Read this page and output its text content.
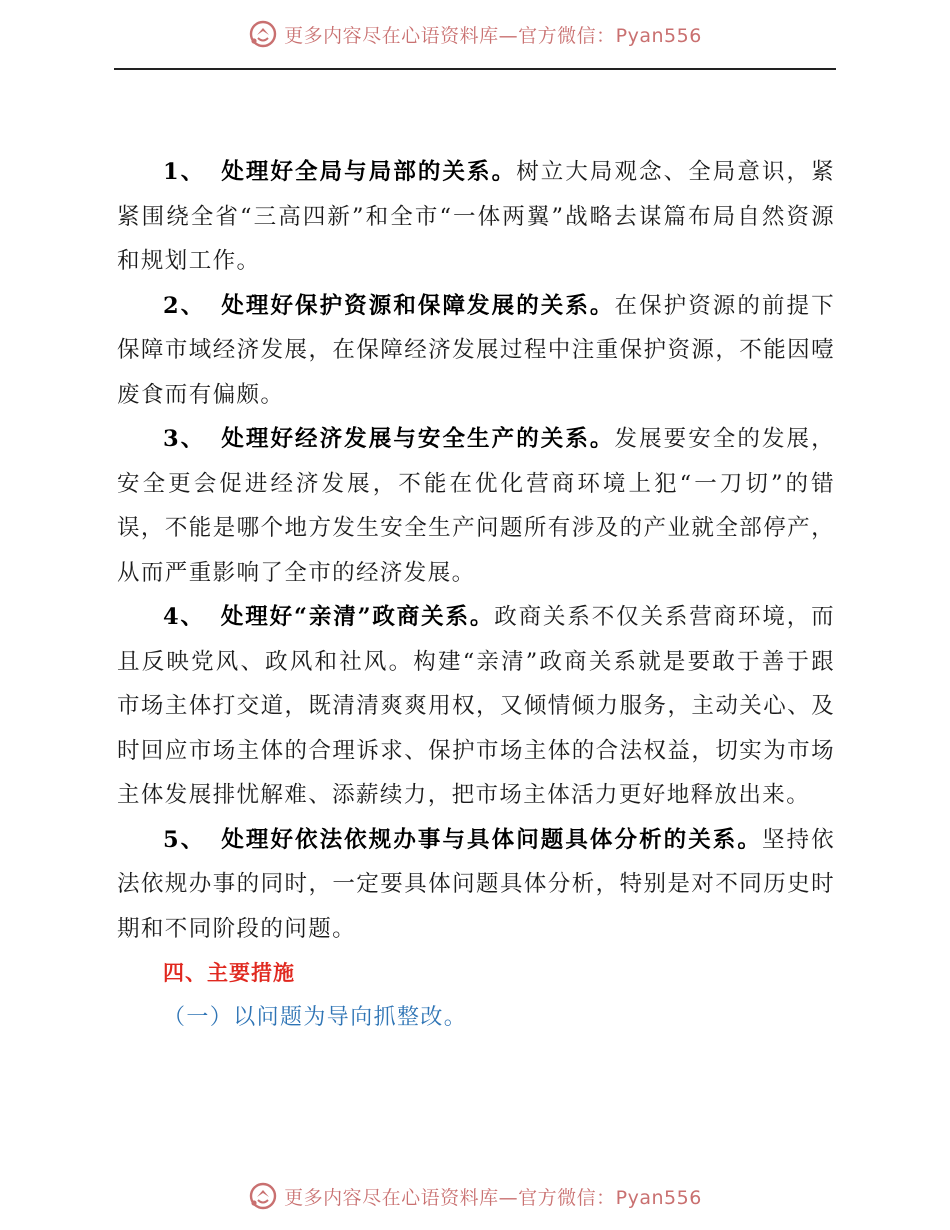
更多内容尽在心语资料库—官方微信：Pyan556

1、 处理好全局与局部的关系。树立大局观念、全局意识，紧紧围绕全省“三高四新”和全市“一体两翼”战略去谋篇布局自然资源和规划工作。

2、 处理好保护资源和保障发展的关系。在保护资源的前提下保障市域经济发展，在保障经济发展过程中注重保护资源，不能因噎废食而有偏颇。

3、 处理好经济发展与安全生产的关系。发展要安全的发展，安全更会促进经济发展，不能在优化营商环境上犯“一刀切”的错误，不能是哪个地方发生安全生产问题所有涉及的产业就全部停产，从而严重影响了全市的经济发展。

4、 处理好“亲清”政商关系。政商关系不仅关系营商环境，而且反映党风、政风和社风。构建“亲清”政商关系就是要敢于善于跟市场主体打交道，既清清爽爽用权，又倾情倾力服务，主动关心、及时回应市场主体的合理诉求、保护市场主体的合法权益，切实为市场主体发展排忧解难、添薪续力，把市场主体活力更好地释放出来。

5、 处理好依法依规办事与具体问题具体分析的关系。坚持依法依规办事的同时，一定要具体问题具体分析，特别是对不同历史时期和不同阶段的问题。

四、主要措施

（一）以问题为导向抓整改。

更多内容尽在心语资料库—官方微信：Pyan556
